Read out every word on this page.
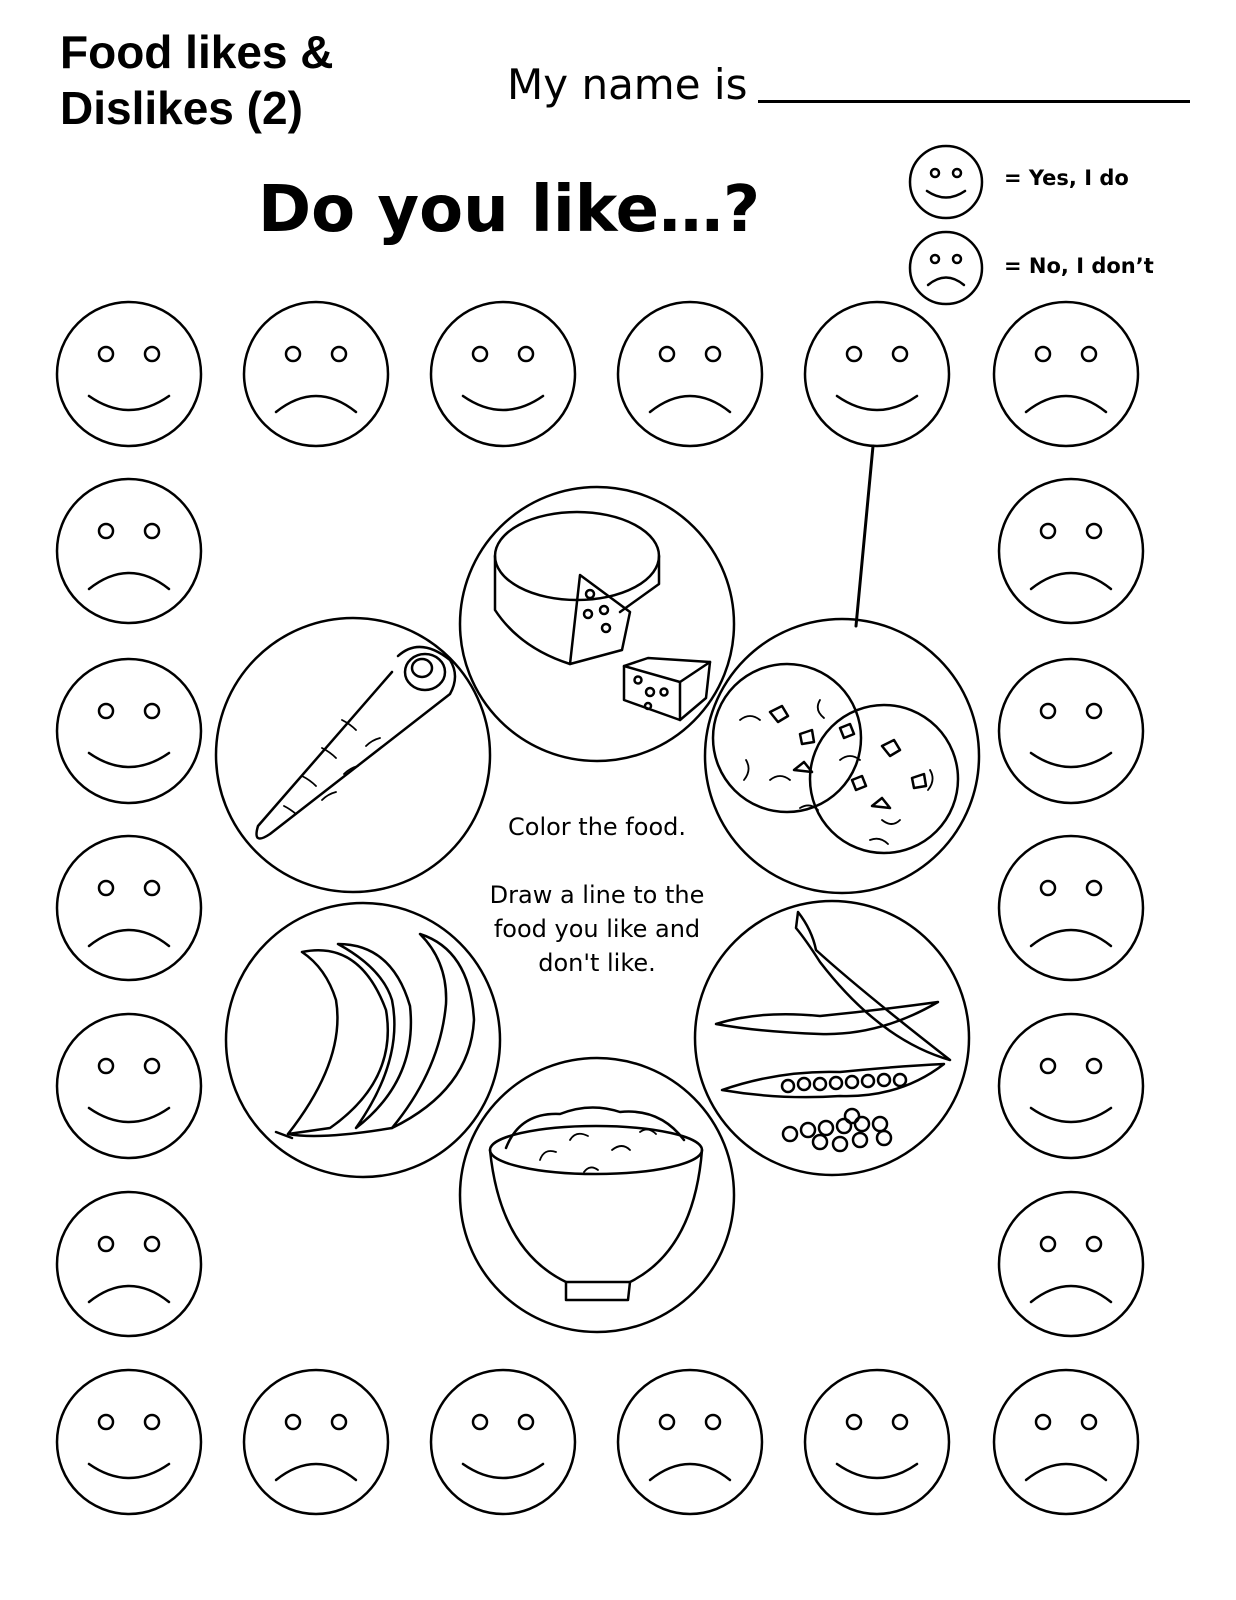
Food likes &
Dislikes (2)	My name is
Do you like…?	= Yes, I do
= No, I don’t
Color the food.
Draw a line to the food you like and don't like.
